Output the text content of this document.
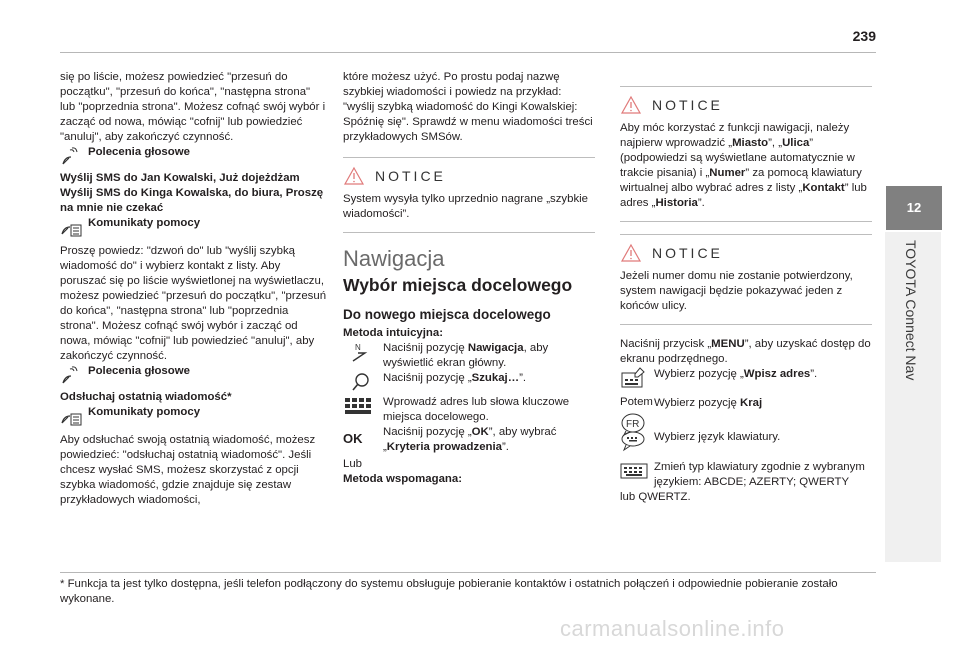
239
12
TOYOTA Connect Nav

się po liście, możesz powiedzieć "przesuń do początku", "przesuń do końca", "następna strona" lub "poprzednia strona". Możesz cofnąć swój wybór i zacząć od nowa, mówiąc "cofnij" lub powiedzieć "anuluj", aby zakończyć czynność.

Polecenia głosowe

Wyślij SMS do Jan Kowalski, Już dojeżdżam Wyślij SMS do Kinga Kowalska, do biura, Proszę na mnie nie czekać

Komunikaty pomocy

Proszę powiedz: "dzwoń do" lub "wyślij szybką wiadomość do" i wybierz kontakt z listy. Aby poruszać się po liście wyświetlonej na wyświetlaczu, możesz powiedzieć "przesuń do początku", "przesuń do końca", "następna strona" lub "poprzednia strona". Możesz cofnąć swój wybór i zacząć od nowa, mówiąc "cofnij" lub powiedzieć "anuluj", aby zakończyć czynność.

Polecenia głosowe

Odsłuchaj ostatnią wiadomość*

Komunikaty pomocy

Aby odsłuchać swoją ostatnią wiadomość, możesz powiedzieć: "odsłuchaj ostatnią wiadomość". Jeśli chcesz wysłać SMS, możesz skorzystać z opcji szybka wiadomość, gdzie znajduje się zestaw przykładowych wiadomości,

które możesz użyć. Po prostu podaj nazwę szybkiej wiadomości i powiedz na przykład: "wyślij szybką wiadomość do Kingi Kowalskiej: Spóźnię się". Sprawdź w menu wiadomości treści przykładowych SMSów.

NOTICE

System wysyła tylko uprzednio nagrane „szybkie wiadomości”.

Nawigacja

Wybór miejsca docelowego

Do nowego miejsca docelowego

Metoda intuicyjna:

N Naciśnij pozycję Nawigacja, aby wyświetlić ekran główny.
Naciśnij pozycję „Szukaj…”.
Wprowadź adres lub słowa kluczowe miejsca docelowego.
OK	Naciśnij pozycję „OK”, aby wybrać „Kryteria prowadzenia”.

Lub

Metoda wspomagana:

NOTICE

Aby móc korzystać z funkcji nawigacji, należy najpierw wprowadzić „Miasto”, „Ulica” (podpowiedzi są wyświetlane automatycznie w trakcie pisania) i „Numer” za pomocą klawiatury wirtualnej albo wybrać adres z listy „Kontakt” lub adres „Historia”.

NOTICE

Jeżeli numer domu nie zostanie potwierdzony, system nawigacji będzie pokazywać jeden z końców ulicy.

Naciśnij przycisk „MENU”, aby uzyskać dostęp do ekranu podrzędnego.

Wybierz pozycję „Wpisz adres”.

Potem Wybierz pozycję Kraj
FR
Wybierz język klawiatury.
Zmień typ klawiatury zgodnie z wybranym językiem: ABCDE; AZERTY; QWERTY

lub QWERTZ.

* Funkcja ta jest tylko dostępna, jeśli telefon podłączony do systemu obsługuje pobieranie kontaktów i ostatnich połączeń i odpowiednie pobieranie zostało wykonane.
carmanualsonline.info
